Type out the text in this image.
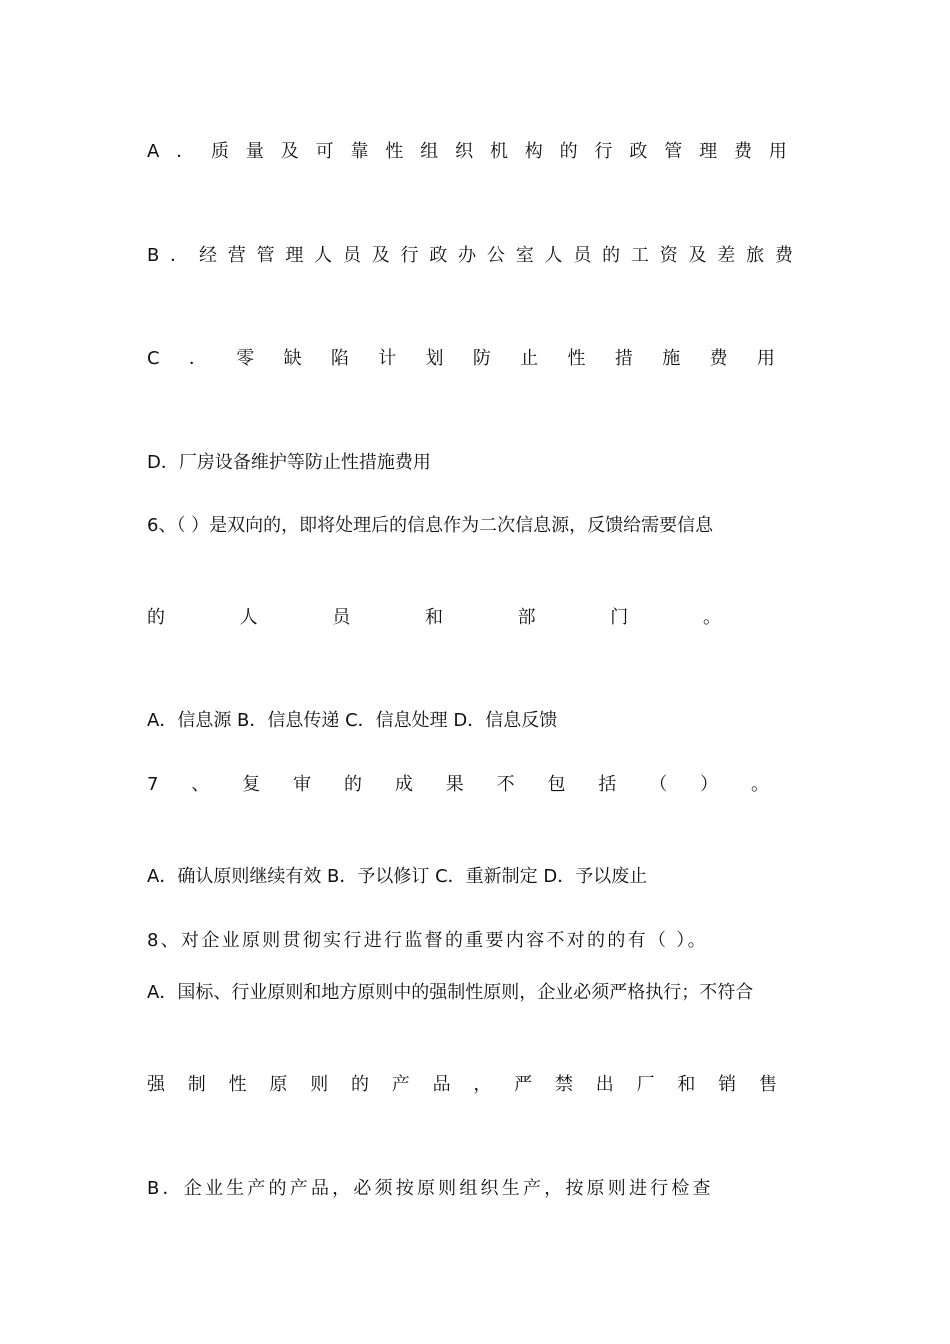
A ． 质 量 及 可 靠 性 组 织 机 构 的 行 政 管 理 费 用
B ． 经 营 管 理 人 员 及 行 政 办 公 室 人 员 的 工 资 及 差 旅 费
C ． 零 缺 陷 计 划 防 止 性 措 施 费 用
D．厂房设备维护等防止性措施费用
6、（ ）是双向的，即将处理后的信息作为二次信息源，反馈给需要信息
的	人	员	和	部	门	。
A．信息源 B．信息传递 C．信息处理 D．信息反馈
7 、 复 审 的 成 果 不 包 括 （ ） 。
A．确认原则继续有效 B．予以修订 C．重新制定 D．予以废止
8、对企业原则贯彻实行进行监督的重要内容不对的的有（ ）。
A．国标、行业原则和地方原则中的强制性原则，企业必须严格执行；不符合
强 制 性 原 则 的 产 品 ， 严 禁 出 厂 和 销 售
B．企业生产的产品，必须按原则组织生产，按原则进行检查
